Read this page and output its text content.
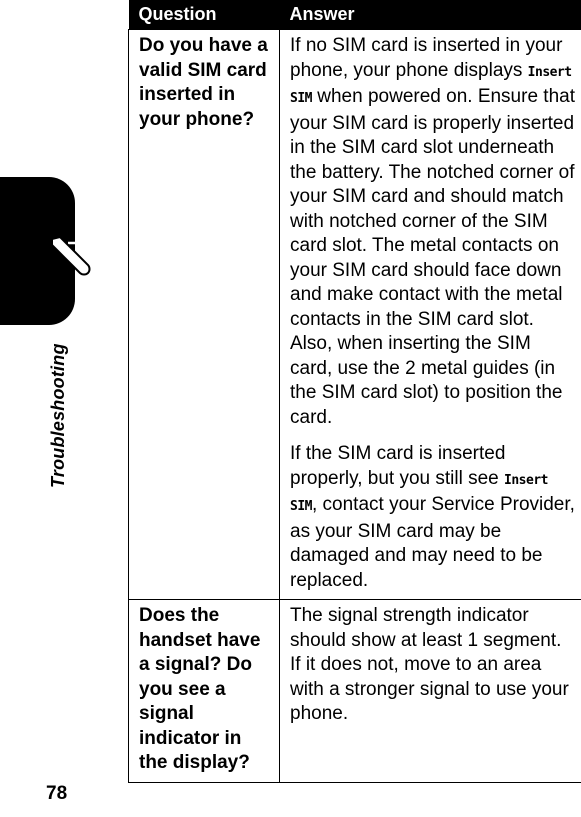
Troubleshooting
Question	Answer
Do you have a valid SIM card inserted in your phone?	If no SIM card is inserted in your phone, your phone displays Insert SIM when powered on. Ensure that your SIM card is properly inserted in the SIM card slot underneath the battery. The notched corner of your SIM card and should match with notched corner of the SIM card slot. The metal contacts on your SIM card should face down and make contact with the metal contacts in the SIM card slot. Also, when inserting the SIM card, use the 2 metal guides (in the SIM card slot) to position the card.
If the SIM card is inserted properly, but you still see Insert SIM, contact your Service Provider, as your SIM card may be damaged and may need to be replaced.

Does the handset have a signal? Do you see a signal indicator in the display?	The signal strength indicator should show at least 1 segment. If it does not, move to an area with a stronger signal to use your phone.
78
